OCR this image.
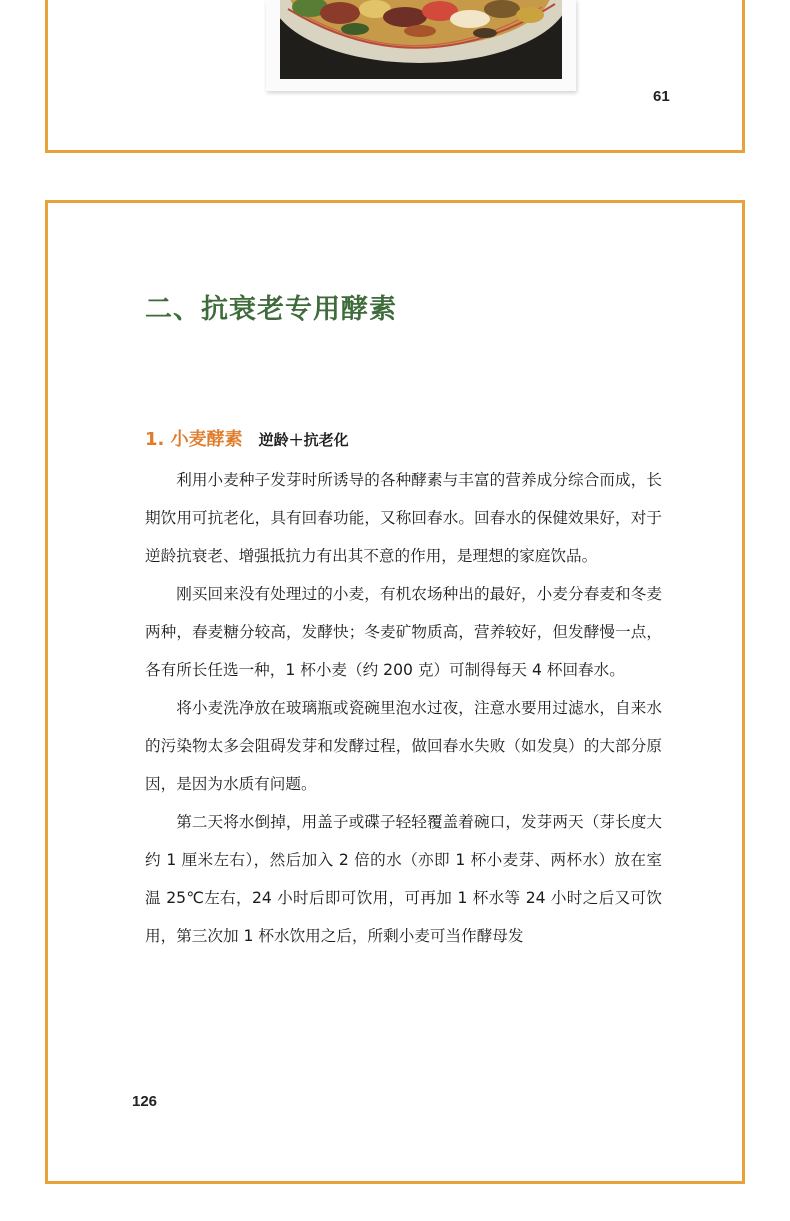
61
二、抗衰老专用酵素
1. 小麦酵素 逆龄＋抗老化

利用小麦种子发芽时所诱导的各种酵素与丰富的营养成分综合而成，长期饮用可抗老化，具有回春功能，又称回春水。回春水的保健效果好，对于逆龄抗衰老、增强抵抗力有出其不意的作用，是理想的家庭饮品。

刚买回来没有处理过的小麦，有机农场种出的最好，小麦分春麦和冬麦两种，春麦糖分较高，发酵快；冬麦矿物质高，营养较好，但发酵慢一点，各有所长任选一种，1 杯小麦（约 200 克）可制得每天 4 杯回春水。

将小麦洗净放在玻璃瓶或瓷碗里泡水过夜，注意水要用过滤水，自来水的污染物太多会阻碍发芽和发酵过程，做回春水失败（如发臭）的大部分原因，是因为水质有问题。

第二天将水倒掉，用盖子或碟子轻轻覆盖着碗口，发芽两天（芽长度大约 1 厘米左右），然后加入 2 倍的水（亦即 1 杯小麦芽、两杯水）放在室温 25℃左右，24 小时后即可饮用，可再加 1 杯水等 24 小时之后又可饮用，第三次加 1 杯水饮用之后，所剩小麦可当作酵母发

126
